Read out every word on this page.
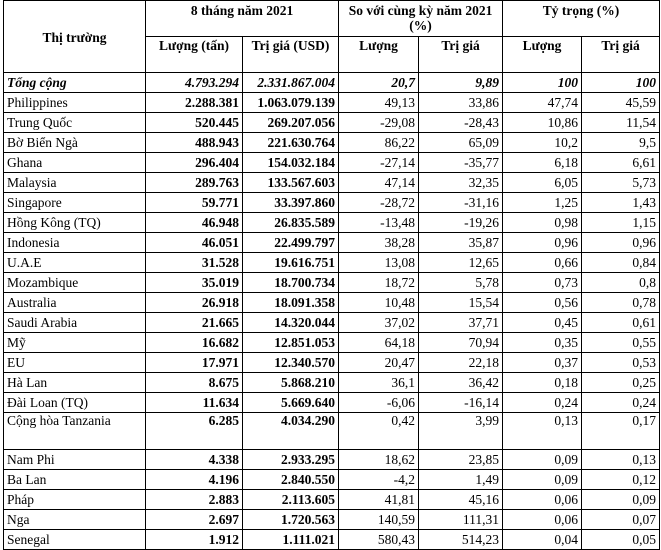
Thị trường	8 tháng năm 2021		So với cùng kỳ năm 2021 (%)		Tỷ trọng (%)	
	Lượng (tấn)	Trị giá (USD)	Lượng	Trị giá	Lượng	Trị giá
Tổng cộng	4.793.294	2.331.867.004	20,7	9,89	100	100
Philippines	2.288.381	1.063.079.139	49,13	33,86	47,74	45,59
Trung Quốc	520.445	269.207.056	-29,08	-28,43	10,86	11,54
Bờ Biển Ngà	488.943	221.630.764	86,22	65,09	10,2	9,5
Ghana	296.404	154.032.184	-27,14	-35,77	6,18	6,61
Malaysia	289.763	133.567.603	47,14	32,35	6,05	5,73
Singapore	59.771	33.397.860	-28,72	-31,16	1,25	1,43
Hồng Kông (TQ)	46.948	26.835.589	-13,48	-19,26	0,98	1,15
Indonesia	46.051	22.499.797	38,28	35,87	0,96	0,96
U.A.E	31.528	19.616.751	13,08	12,65	0,66	0,84
Mozambique	35.019	18.700.734	18,72	5,78	0,73	0,8
Australia	26.918	18.091.358	10,48	15,54	0,56	0,78
Saudi Arabia	21.665	14.320.044	37,02	37,71	0,45	0,61
Mỹ	16.682	12.851.053	64,18	70,94	0,35	0,55
EU	17.971	12.340.570	20,47	22,18	0,37	0,53
Hà Lan	8.675	5.868.210	36,1	36,42	0,18	0,25
Đài Loan (TQ)	11.634	5.669.640	-6,06	-16,14	0,24	0,24
Cộng hòa Tanzania	6.285	4.034.290	0,42	3,99	0,13	0,17
Nam Phi	4.338	2.933.295	18,62	23,85	0,09	0,13
Ba Lan	4.196	2.840.550	-4,2	1,49	0,09	0,12
Pháp	2.883	2.113.605	41,81	45,16	0,06	0,09
Nga	2.697	1.720.563	140,59	111,31	0,06	0,07
Senegal	1.912	1.111.021	580,43	514,23	0,04	0,05
